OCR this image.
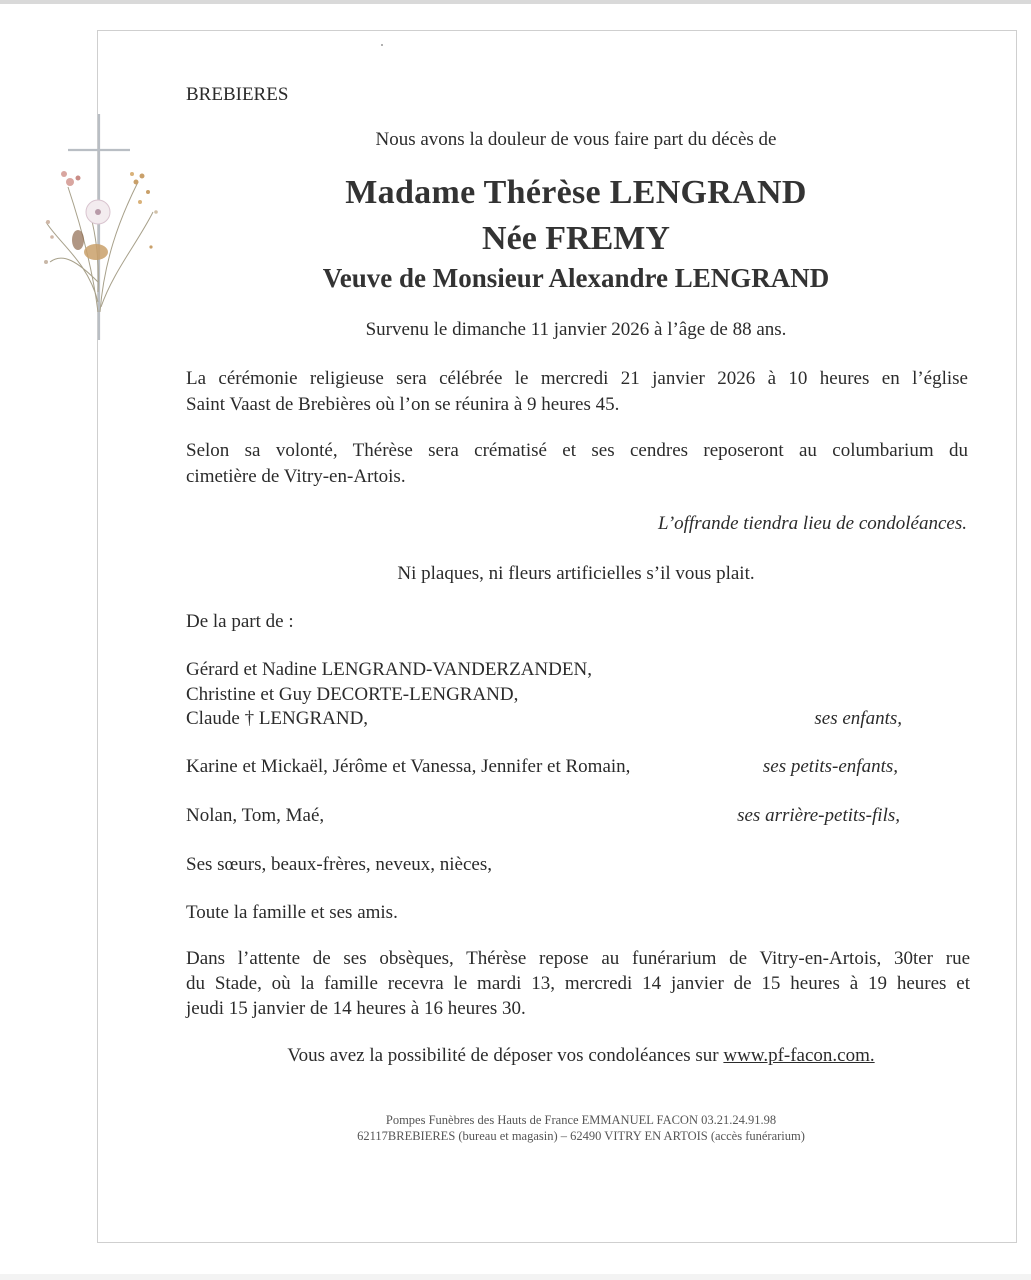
BREBIERES
Nous avons la douleur de vous faire part du décès de
Madame Thérèse LENGRAND
Née FREMY
Veuve de Monsieur Alexandre LENGRAND
Survenu le dimanche 11 janvier 2026 à l’âge de 88 ans.
La cérémonie religieuse sera célébrée le mercredi 21 janvier 2026 à 10 heures en l’église
Saint Vaast de Brebières où l’on se réunira à 9 heures 45.
Selon sa volonté, Thérèse sera crématisé et ses cendres reposeront au columbarium du
cimetière de Vitry-en-Artois.
L’offrande tiendra lieu de condoléances.
Ni plaques, ni fleurs artificielles s’il vous plait.
De la part de :
Gérard et Nadine LENGRAND-VANDERZANDEN,
Christine et Guy DECORTE-LENGRAND,
Claude † LENGRAND,	ses enfants,
Karine et Mickaël, Jérôme et Vanessa, Jennifer et Romain,	ses petits-enfants,
Nolan, Tom, Maé,	ses arrière-petits-fils,
Ses sœurs, beaux-frères, neveux, nièces,
Toute la famille et ses amis.
Dans l’attente de ses obsèques, Thérèse repose au funérarium de Vitry-en-Artois, 30ter rue
du Stade, où la famille recevra le mardi 13, mercredi 14 janvier de 15 heures à 19 heures et
jeudi 15 janvier de 14 heures à 16 heures 30.
Vous avez la possibilité de déposer vos condoléances sur www.pf-facon.com.
Pompes Funèbres des Hauts de France EMMANUEL FACON 03.21.24.91.98
62117BREBIERES (bureau et magasin) – 62490 VITRY EN ARTOIS (accès funérarium)
